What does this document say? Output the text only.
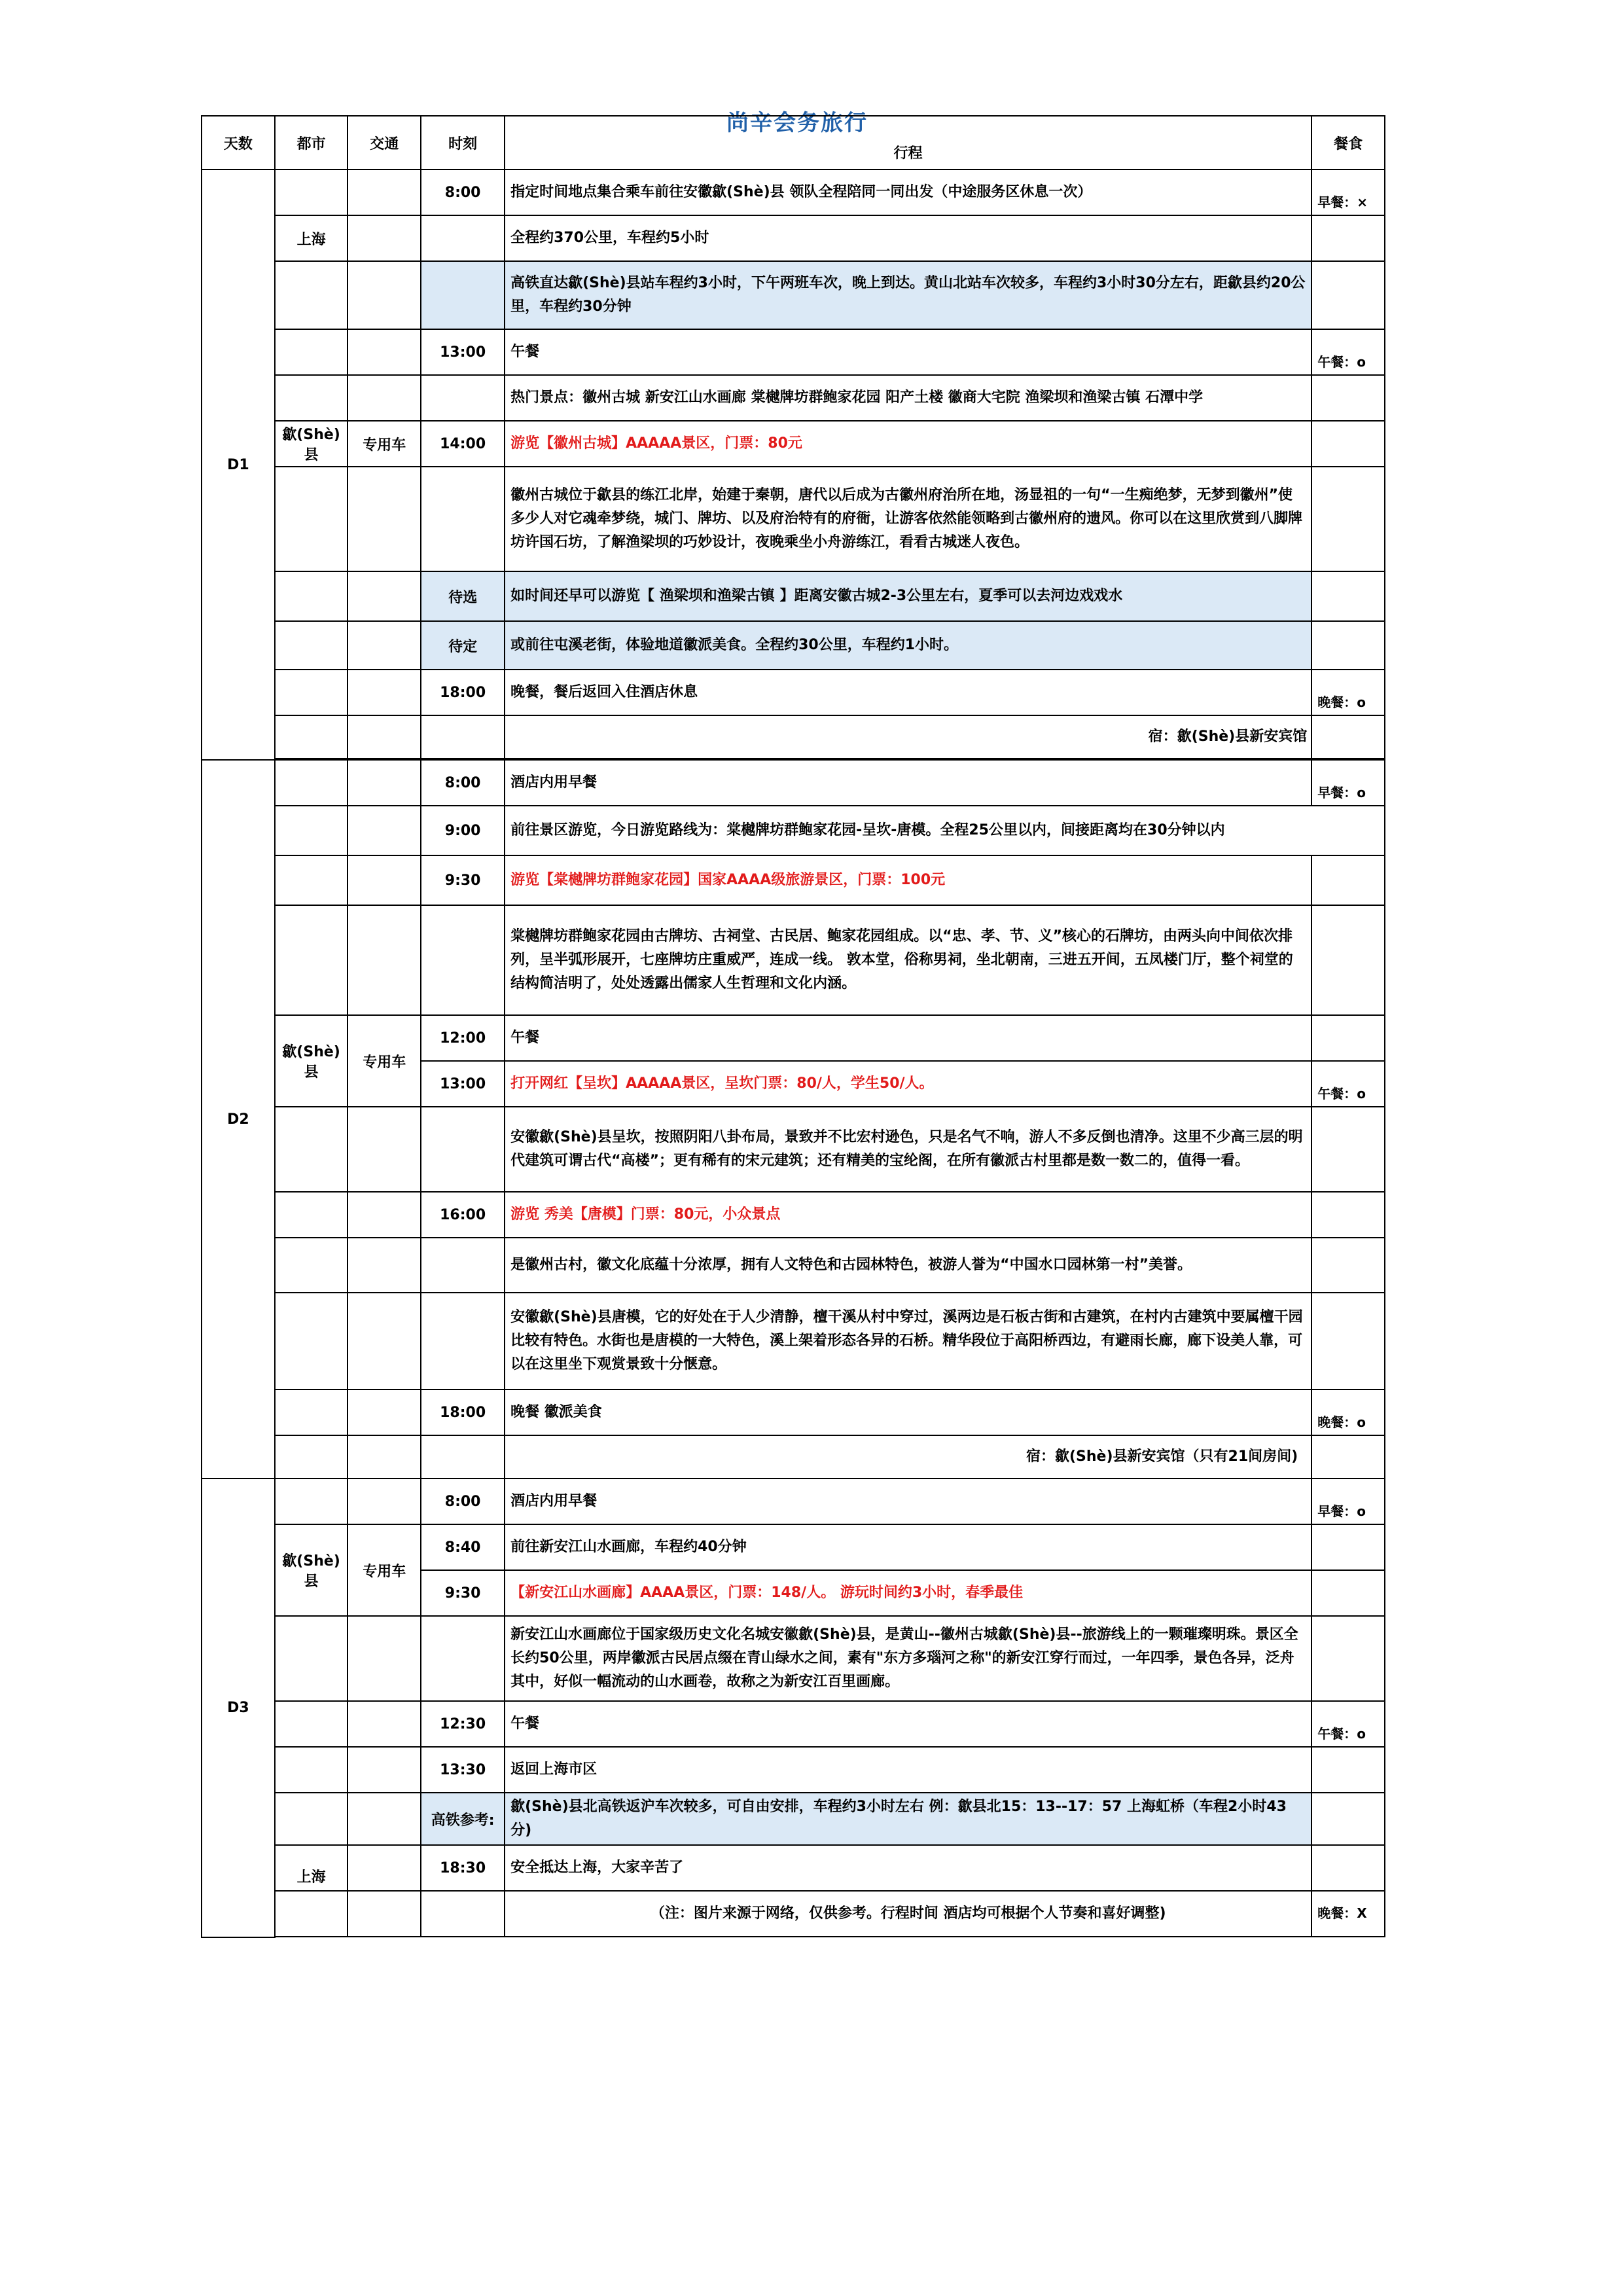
尚辛会务旅行
天数	都市	交通	时刻	行程	餐食
D1			8:00	指定时间地点集合乘车前往安徽歙(Shè)县 领队全程陪同一同出发（中途服务区休息一次）	早餐：×
	上海			全程约370公里，车程约5小时	
				高铁直达歙(Shè)县站车程约3小时，下午两班车次，晚上到达。黄山北站车次较多，车程约3小时30分左右，距歙县约20公里，车程约30分钟	
			13:00	午餐	午餐：o
				热门景点：徽州古城 新安江山水画廊 棠樾牌坊群鲍家花园 阳产土楼 徽商大宅院 渔梁坝和渔梁古镇 石潭中学	
	歙(Shè)县	专用车	14:00	游览【徽州古城】AAAAA景区，门票：80元	
				徽州古城位于歙县的练江北岸，始建于秦朝，唐代以后成为古徽州府治所在地，汤显祖的一句“一生痴绝梦，无梦到徽州”使多少人对它魂牵梦绕，城门、牌坊、以及府治特有的府衙，让游客依然能领略到古徽州府的遗风。你可以在这里欣赏到八脚牌坊许国石坊，了解渔梁坝的巧妙设计，夜晚乘坐小舟游练江，看看古城迷人夜色。	
			待选	如时间还早可以游览【 渔梁坝和渔梁古镇 】距离安徽古城2-3公里左右，夏季可以去河边戏戏水	
			待定	或前往屯溪老街，体验地道徽派美食。全程约30公里，车程约1小时。	
			18:00	晚餐，餐后返回入住酒店休息	晚餐：o
				宿：歙(Shè)县新安宾馆	

D2			8:00	酒店内用早餐	早餐：o
			9:00	前往景区游览，今日游览路线为：棠樾牌坊群鲍家花园-呈坎-唐模。全程25公里以内，间接距离均在30分钟以内	
			9:30	游览【棠樾牌坊群鲍家花园】国家AAAA级旅游景区，门票：100元	
				棠樾牌坊群鲍家花园由古牌坊、古祠堂、古民居、鲍家花园组成。以“忠、孝、节、义”核心的石牌坊，由两头向中间依次排列，呈半弧形展开，七座牌坊庄重威严，连成一线。 敦本堂，俗称男祠，坐北朝南，三进五开间，五凤楼门厅，整个祠堂的结构简洁明了，处处透露出儒家人生哲理和文化内涵。	
	歙(Shè)县	专用车	12:00	午餐	
			13:00	打开网红【呈坎】AAAAA景区，呈坎门票：80/人，学生50/人。	午餐：o
				安徽歙(Shè)县呈坎，按照阴阳八卦布局，景致并不比宏村逊色，只是名气不响，游人不多反倒也清净。这里不少高三层的明代建筑可谓古代“高楼”；更有稀有的宋元建筑；还有精美的宝纶阁，在所有徽派古村里都是数一数二的，值得一看。	
			16:00	游览 秀美【唐模】门票：80元，小众景点	
				是徽州古村，徽文化底蕴十分浓厚，拥有人文特色和古园林特色，被游人誉为“中国水口园林第一村”美誉。	
				安徽歙(Shè)县唐模，它的好处在于人少清静，檀干溪从村中穿过，溪两边是石板古街和古建筑，在村内古建筑中要属檀干园比较有特色。水街也是唐模的一大特色，溪上架着形态各异的石桥。精华段位于高阳桥西边，有避雨长廊，廊下设美人靠，可以在这里坐下观赏景致十分惬意。	
			18:00	晚餐 徽派美食	晚餐：o
				宿：歙(Shè)县新安宾馆（只有21间房间)	
D3			8:00	酒店内用早餐	早餐：o
	歙(Shè)县	专用车	8:40	前往新安江山水画廊，车程约40分钟	
			9:30	【新安江山水画廊】AAAA景区，门票：148/人。 游玩时间约3小时，春季最佳	
				新安江山水画廊位于国家级历史文化名城安徽歙(Shè)县，是黄山--徽州古城歙(Shè)县--旅游线上的一颗璀璨明珠。景区全长约50公里，两岸徽派古民居点缀在青山绿水之间，素有"东方多瑙河之称"的新安江穿行而过，一年四季，景色各异，泛舟其中，好似一幅流动的山水画卷，故称之为新安江百里画廊。	
			12:30	午餐	午餐：o
			13:30	返回上海市区	
			高铁参考:	歙(Shè)县北高铁返沪车次较多，可自由安排，车程约3小时左右 例：歙县北15：13--17：57 上海虹桥（车程2小时43分)	
	上海		18:30	安全抵达上海，大家辛苦了	
				（注：图片来源于网络，仅供参考。行程时间 酒店均可根据个人节奏和喜好调整)	晚餐：X
